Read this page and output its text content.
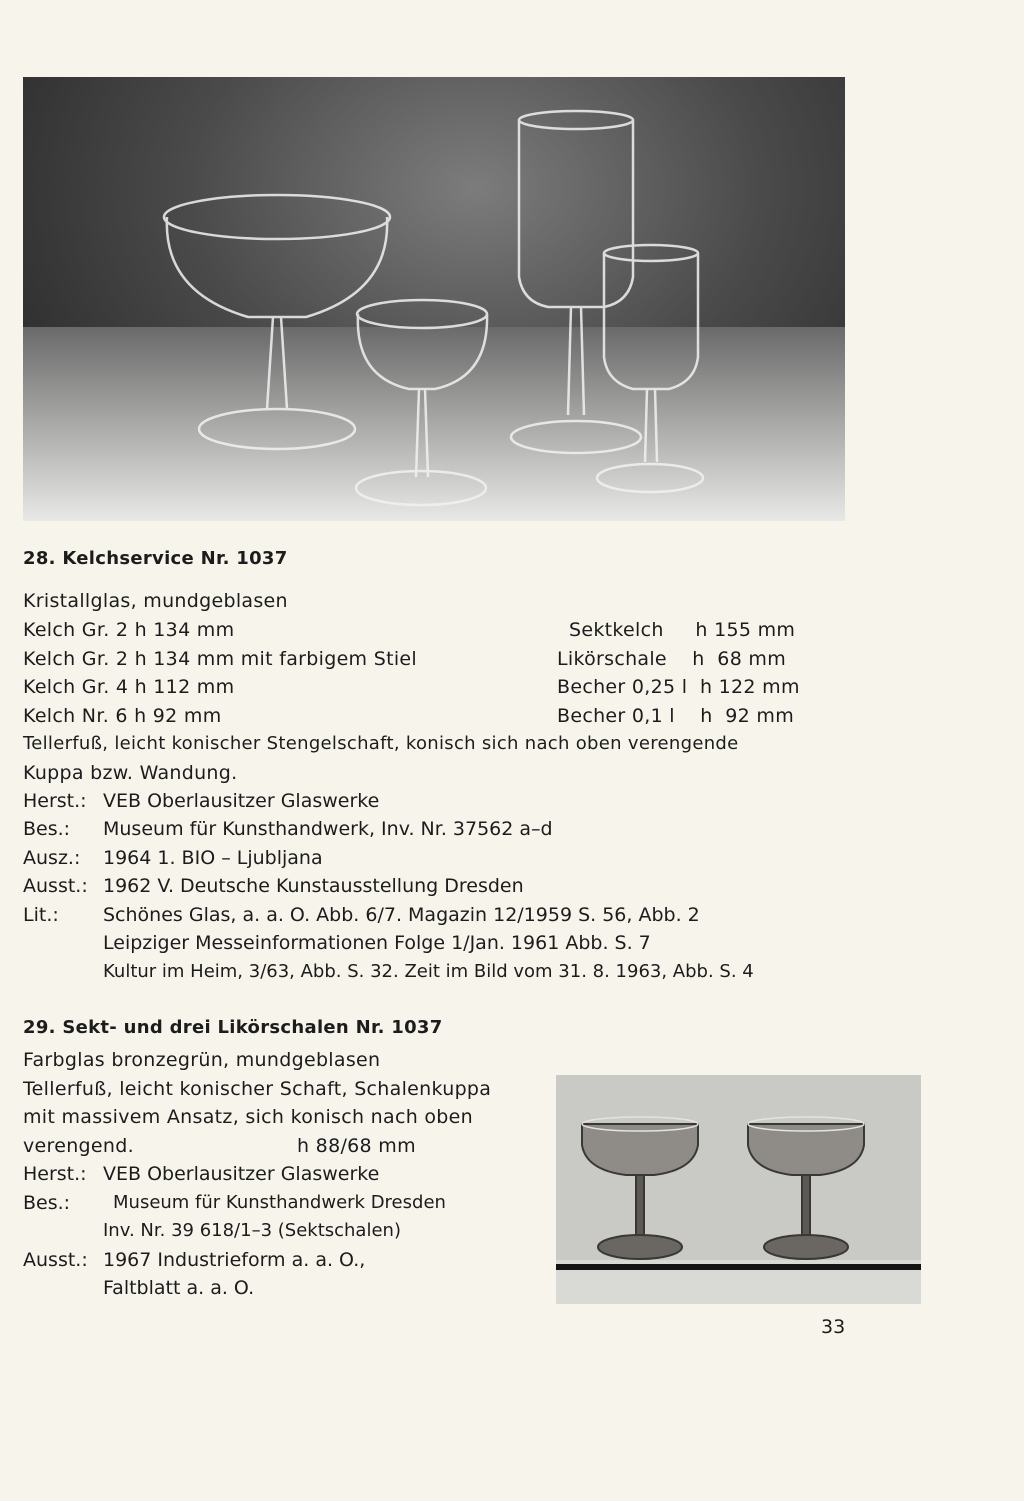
28. Kelchservice Nr. 1037
Kristallglas, mundgeblasen
Kelch Gr. 2 h 134 mm
Kelch Gr. 2 h 134 mm mit farbigem Stiel
Kelch Gr. 4 h 112 mm
Kelch Nr. 6 h 92 mm
Sektkelch     h 155 mm
Likörschale    h  68 mm
Becher 0,25 l  h 122 mm
Becher 0,1 l    h  92 mm
Tellerfuß, leicht konischer Stengelschaft, konisch sich nach oben verengende
Kuppa bzw. Wandung.
Herst.: VEB Oberlausitzer Glaswerke
Bes.: Museum für Kunsthandwerk, Inv. Nr. 37562 a–d
Ausz.: 1964 1. BIO – Ljubljana
Ausst.: 1962 V. Deutsche Kunstausstellung Dresden
Lit.: Schönes Glas, a. a. O. Abb. 6/7. Magazin 12/1959 S. 56, Abb. 2
Leipziger Messeinformationen Folge 1/Jan. 1961 Abb. S. 7
Kultur im Heim, 3/63, Abb. S. 32. Zeit im Bild vom 31. 8. 1963, Abb. S. 4
29. Sekt- und drei Likörschalen Nr. 1037
Farbglas bronzegrün, mundgeblasen
Tellerfuß, leicht konischer Schaft, Schalenkuppa
mit massivem Ansatz, sich konisch nach oben
verengend.	h 88/68 mm
Herst.: VEB Oberlausitzer Glaswerke
Bes.: Museum für Kunsthandwerk Dresden
Inv. Nr. 39 618/1–3 (Sektschalen)
Ausst.: 1967 Industrieform a. a. O.,
Faltblatt a. a. O.
33
